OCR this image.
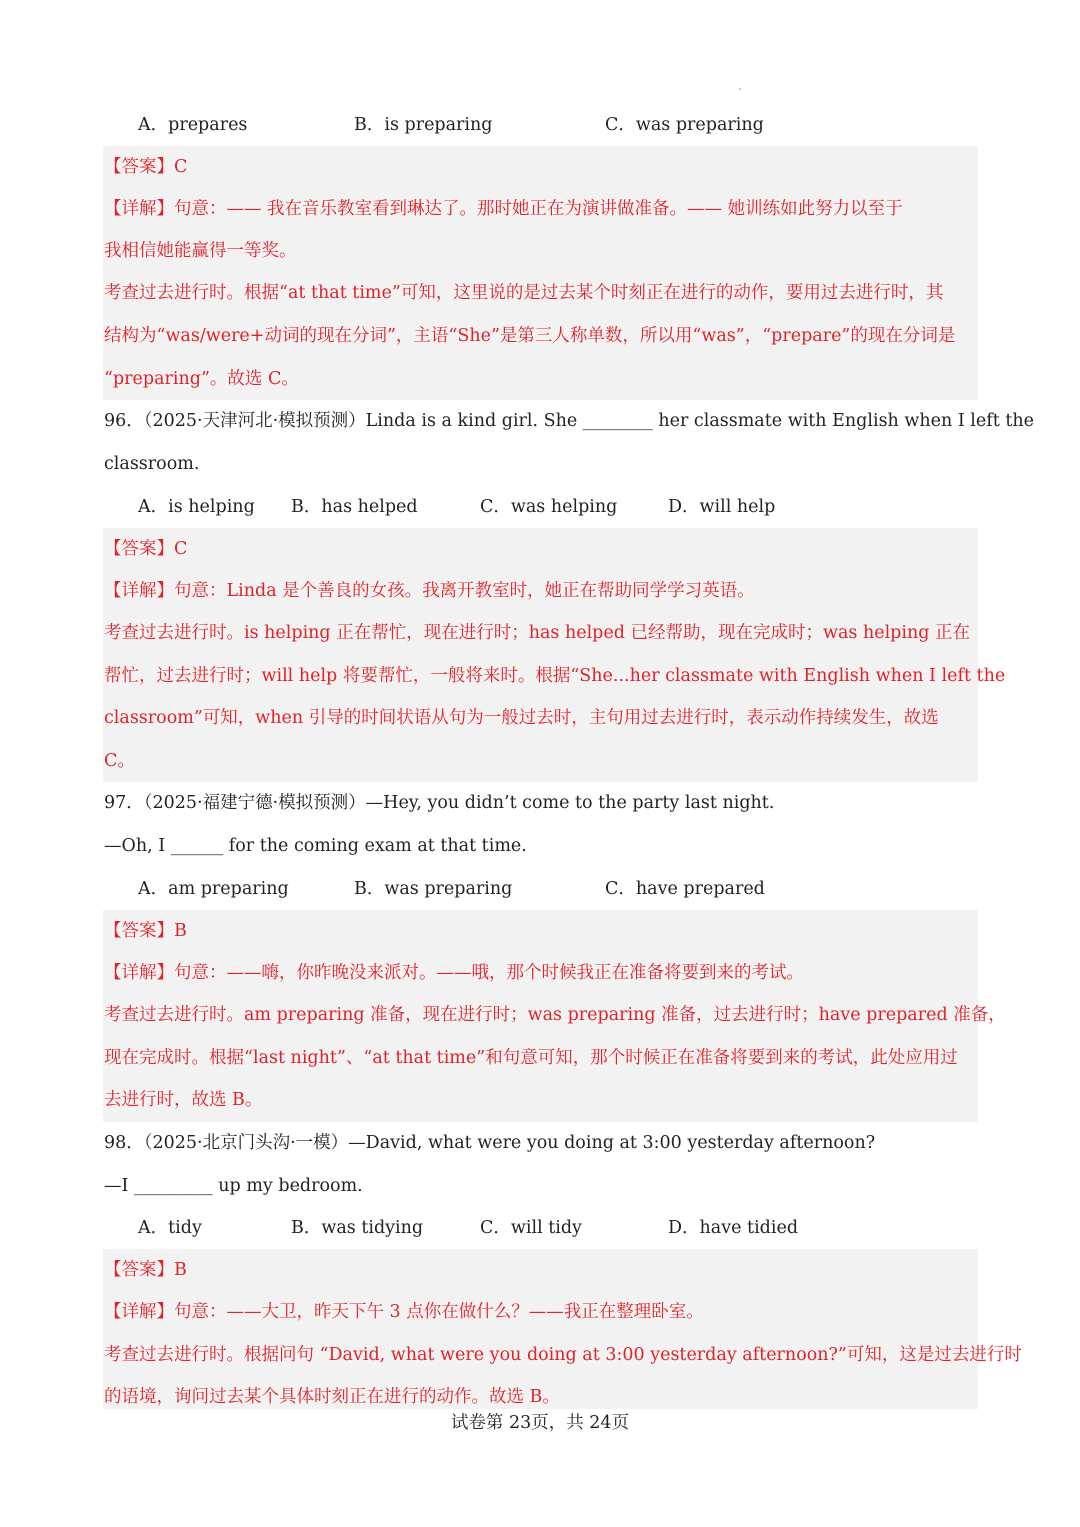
A．prepares	B．is preparing	C．was preparing
【答案】C
【详解】句意：—— 我在音乐教室看到琳达了。那时她正在为演讲做准备。—— 她训练如此努力以至于
我相信她能赢得一等奖。
考查过去进行时。根据“at that time”可知，这里说的是过去某个时刻正在进行的动作，要用过去进行时，其
结构为“was/were+动词的现在分词”，主语“She”是第三人称单数，所以用“was”，“prepare”的现在分词是
“preparing”。故选 C。
96．（2025·天津河北·模拟预测）Linda is a kind girl. She ________ her classmate with English when I left the
classroom.
A．is helping B．has helped	C．was helping	D．will help
【答案】C
【详解】句意：Linda 是个善良的女孩。我离开教室时，她正在帮助同学学习英语。
考查过去进行时。is helping 正在帮忙，现在进行时；has helped 已经帮助，现在完成时；was helping 正在
帮忙，过去进行时；will help 将要帮忙，一般将来时。根据“She...her classmate with English when I left the
classroom”可知，when 引导的时间状语从句为一般过去时，主句用过去进行时，表示动作持续发生，故选
C。
97．（2025·福建宁德·模拟预测）—Hey, you didn’t come to the party last night.
—Oh, I ______ for the coming exam at that time.
A．am preparing	B．was preparing	C．have prepared
【答案】B
【详解】句意：——嗨，你昨晚没来派对。——哦，那个时候我正在准备将要到来的考试。
考查过去进行时。am preparing 准备，现在进行时；was preparing 准备，过去进行时；have prepared 准备，
现在完成时。根据“last night”、“at that time”和句意可知，那个时候正在准备将要到来的考试，此处应用过
去进行时，故选 B。
98．（2025·北京门头沟·一模）—David, what were you doing at 3:00 yesterday afternoon?
—I _________ up my bedroom.
A．tidy	B．was tidying	C．will tidy	D．have tidied
【答案】B
【详解】句意：——大卫，昨天下午 3 点你在做什么？——我正在整理卧室。
考查过去进行时。根据问句 “David, what were you doing at 3:00 yesterday afternoon?”可知，这是过去进行时
的语境，询问过去某个具体时刻正在进行的动作。故选 B。
试卷第 23页，共 24页
